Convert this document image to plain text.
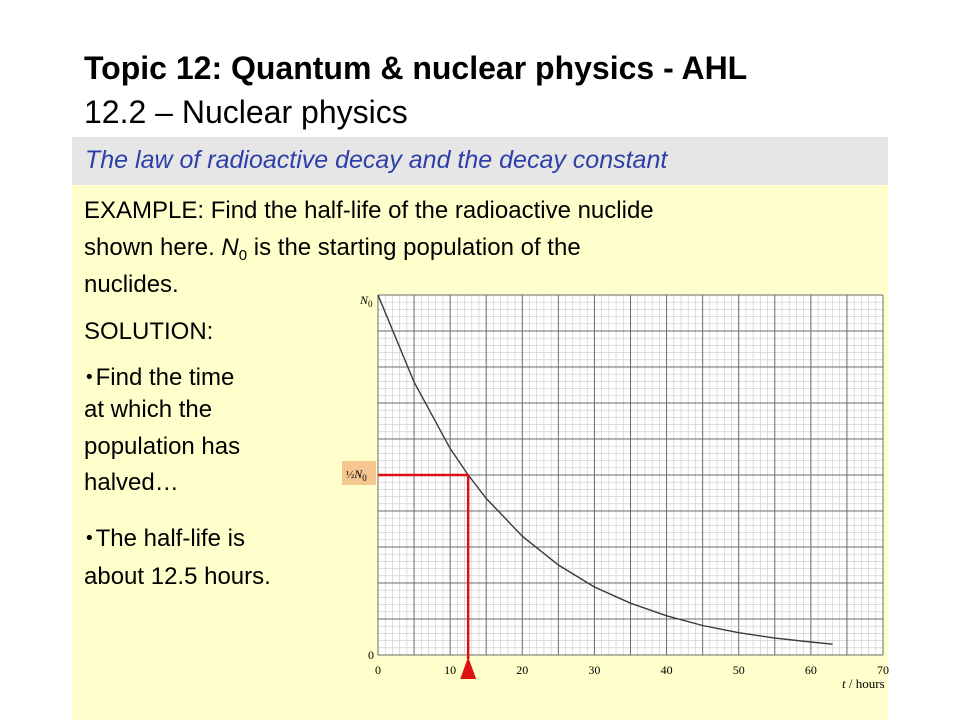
Topic 12: Quantum & nuclear physics - AHL
12.2 – Nuclear physics
The law of radioactive decay and the decay constant
EXAMPLE: Find the half-life of the radioactive nuclide
shown here. $N_0$ is the starting population of the
nuclides.
SOLUTION:
•Find the time
at which the
population has
halved…
•The half-life is
about 12.5 hours.
0	10	20	30	40	50	60	70
$N_0$
$\frac{1}{2}N_0$
0
t / hours
